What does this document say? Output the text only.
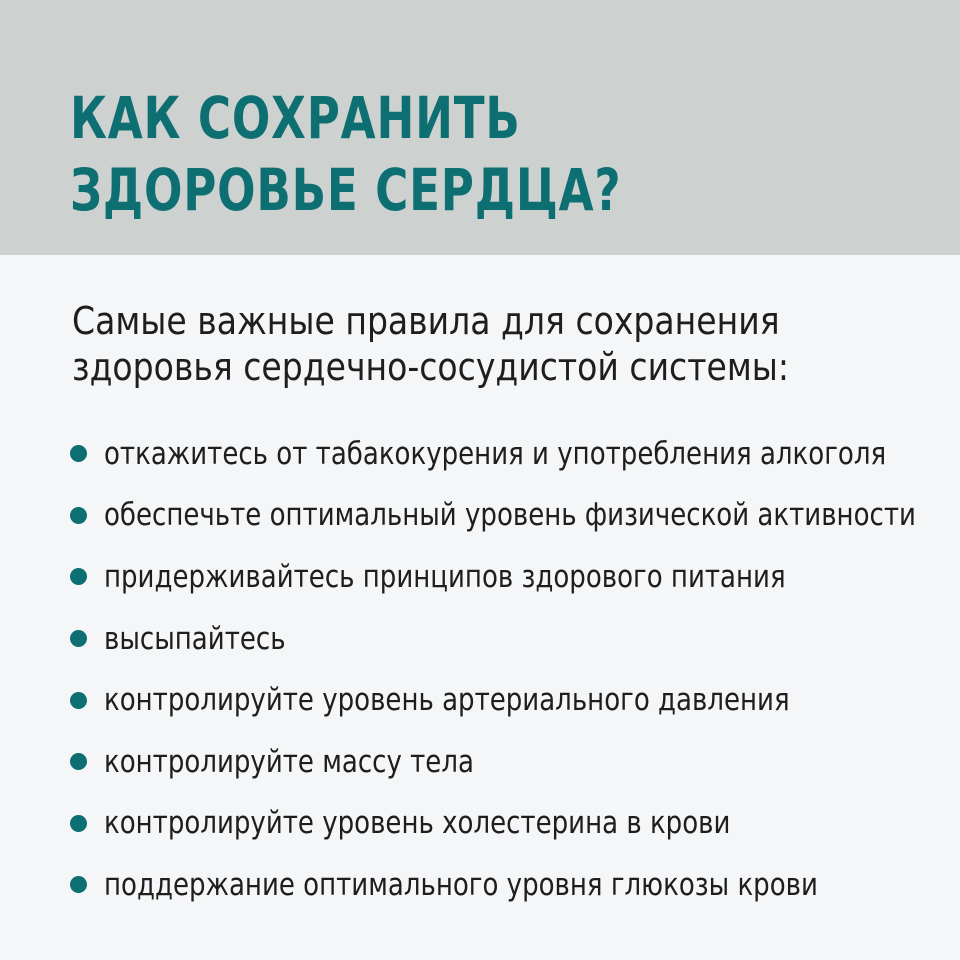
КАК СОХРАНИТЬ
ЗДОРОВЬЕ СЕРДЦА?

Самые важные правила для сохранения
здоровья сердечно-сосудистой системы:

откажитесь от табакокурения и употребления алкоголя
обеспечьте оптимальный уровень физической активности
придерживайтесь принципов здорового питания
высыпайтесь
контролируйте уровень артериального давления
контролируйте массу тела
контролируйте уровень холестерина в крови
поддержание оптимального уровня глюкозы крови
